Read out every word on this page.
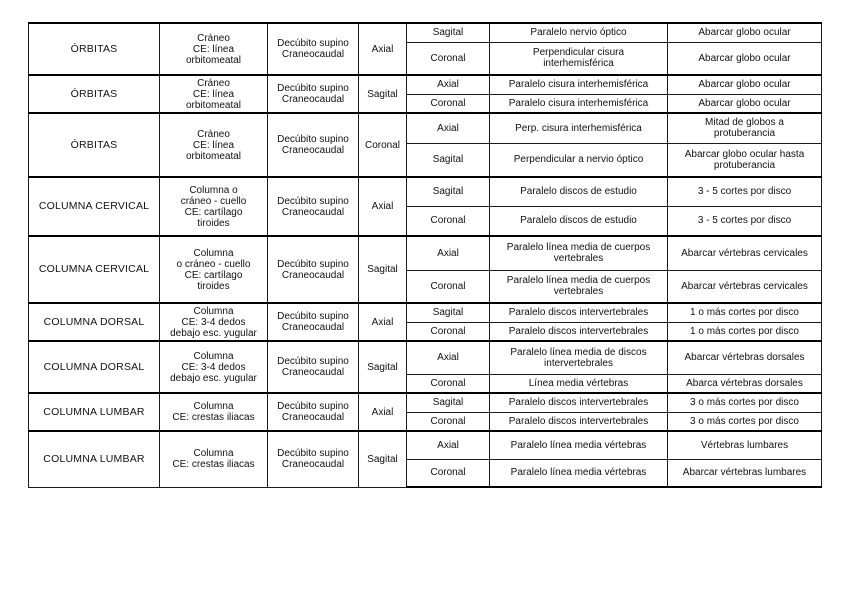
ÓRBITAS	Cráneo
CE: línea
orbitomeatal	Decúbito supino
Craneocaudal	Axial	Sagital	Paralelo nervio óptico	Abarcar globo ocular
				Coronal	Perpendicular cisura
interhemisférica	Abarcar globo ocular
ÓRBITAS	Cráneo
CE: línea
orbitomeatal	Decúbito supino
Craneocaudal	Sagital	Axial	Paralelo cisura interhemisférica	Abarcar globo ocular
				Coronal	Paralelo cisura interhemisférica	Abarcar globo ocular
ÓRBITAS	Cráneo
CE: línea
orbitomeatal	Decúbito supino
Craneocaudal	Coronal	Axial	Perp. cisura interhemisférica	Mitad de globos a
protuberancia
				Sagital	Perpendicular a nervio óptico	Abarcar globo ocular hasta
protuberancia
COLUMNA CERVICAL	Columna o
cráneo - cuello
CE: cartílago
tiroides	Decúbito supino
Craneocaudal	Axial	Sagital	Paralelo discos de estudio	3 - 5 cortes por disco
				Coronal	Paralelo discos de estudio	3 - 5 cortes por disco
COLUMNA CERVICAL	Columna
o cráneo - cuello
CE: cartílago
tiroides	Decúbito supino
Craneocaudal	Sagital	Axial	Paralelo línea media de cuerpos
vertebrales	Abarcar vértebras cervicales
				Coronal	Paralelo línea media de cuerpos
vertebrales	Abarcar vértebras cervicales
COLUMNA DORSAL	Columna
CE: 3-4 dedos
debajo esc. yugular	Decúbito supino
Craneocaudal	Axial	Sagital	Paralelo discos intervertebrales	1 o más cortes por disco
				Coronal	Paralelo discos intervertebrales	1 o más cortes por disco
COLUMNA DORSAL	Columna
CE: 3-4 dedos
debajo esc. yugular	Decúbito supino
Craneocaudal	Sagital	Axial	Paralelo línea media de discos
intervertebrales	Abarcar vértebras dorsales
				Coronal	Línea media vértebras	Abarca vértebras dorsales
COLUMNA LUMBAR	Columna
CE: crestas iliacas	Decúbito supino
Craneocaudal	Axial	Sagital	Paralelo discos intervertebrales	3 o más cortes por disco
				Coronal	Paralelo discos intervertebrales	3 o más cortes por disco
COLUMNA LUMBAR	Columna
CE: crestas iliacas	Decúbito supino
Craneocaudal	Sagital	Axial	Paralelo línea media vértebras	Vértebras lumbares
				Coronal	Paralelo línea media vértebras	Abarcar vértebras lumbares
